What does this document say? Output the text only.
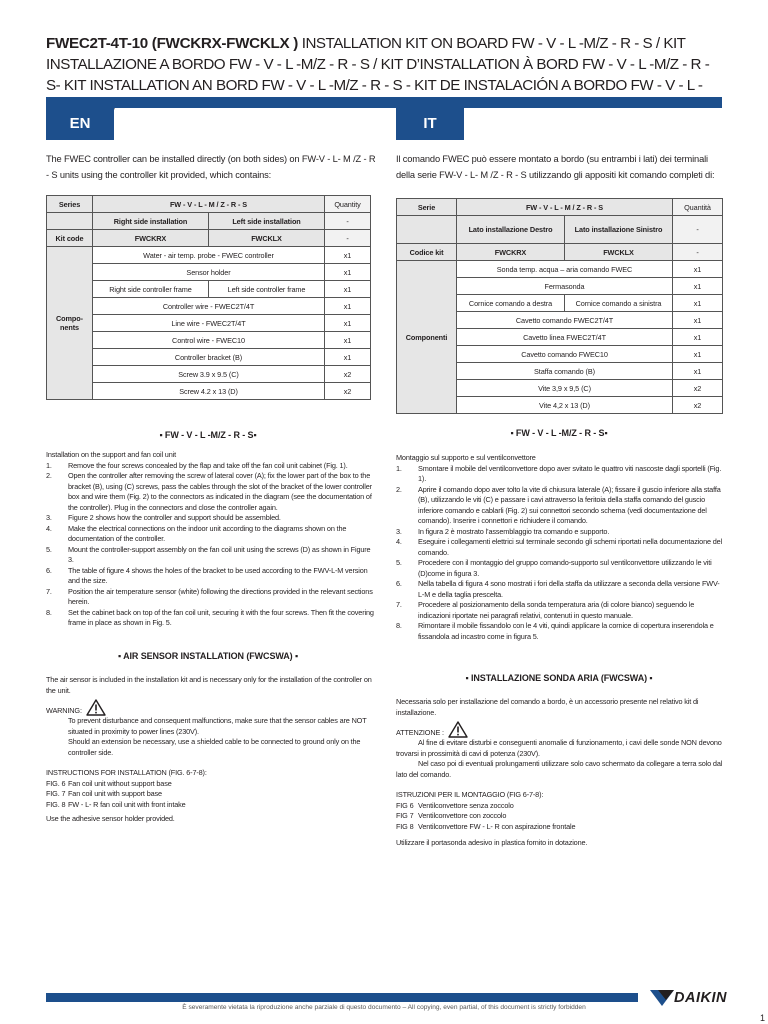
FWEC2T-4T-10 (FWCKRX-FWCKLX ) INSTALLATION KIT ON BOARD FW - V - L -M/Z - R - S / KIT INSTALLAZIONE A BORDO FW - V - L -M/Z - R - S / KIT D’INSTALLATION À BORD FW - V - L -M/Z - R - S- KIT INSTALLATION AN BORD FW - V - L -M/Z - R - S - KIT DE INSTALACIÓN A BORDO FW - V - L -
EN	IT
The FWEC controller can be installed directly (on both sides) on FW-V - L- M /Z - R - S units using the controller kit provided, which contains:
Series	FW - V - L - M / Z - R - S		Quantity
	Right side installation	Left side installation	-
Kit code	FWCKRX	FWCKLX	-
Compo-nents	Water - air temp. probe - FWEC controller		x1
	Sensor holder		x1
	Right side controller frame	Left side controller frame	x1
	Controller wire - FWEC2T/4T		x1
	Line wire - FWEC2T/4T		x1
	Control wire - FWEC10		x1
	Controller bracket (B)		x1
	Screw 3.9 x 9.5 (C)		x2
	Screw 4.2 x 13 (D)		x2
▪ FW - V - L -M/Z - R - S▪

Installation on the support and fan coil unit

1. Remove the four screws concealed by the flap and take off the fan coil unit cabinet (Fig. 1).
2. Open the controller after removing the screw of lateral cover (A); fix the lower part of the box to the bracket (B), using (C) screws, pass the cables through the slot of the bracket of the lower controller box and wire them (Fig. 2) to the connectors as indicated in the diagram (see the documentation of the controller). Plug in the connectors and close the controller again.
3. Figure 2 shows how the controller and support should be assembled.
4. Make the electrical connections on the indoor unit according to the diagrams shown on the documentation of the controller.
5. Mount the controller-support assembly on the fan coil unit using the screws (D) as shown in Figure 3.
6. The table of figure 4 shows the holes of the bracket to be used according to the FWV-L-M version and the size.
7. Position the air temperature sensor (white) following the directions provided in the relevant sections herein.
8. Set the cabinet back on top of the fan coil unit, securing it with the four screws. Then fit the covering frame in place as shown in Fig. 5.
▪ AIR SENSOR INSTALLATION (FWCSWA) ▪

The air sensor is included in the installation kit and is necessary only for the installation of the controller on the unit.

WARNING:

To prevent disturbance and consequent malfunctions, make sure that the sensor cables are NOT situated in proximity to power lines (230V).

Should an extension be necessary, use a shielded cable to be connected to ground only on the controller side.

INSTRUCTIONS FOR INSTALLATION (FIG. 6-7-8):

FIG. 6 Fan coil unit without support base
FIG. 7 Fan coil unit with support base
FIG. 8 FW - L- R fan coil unit with front intake

Use the adhesive sensor holder provided.

Il comando FWEC può essere montato a bordo (su entrambi i lati) dei terminali della serie FW-V - L- M /Z - R - S utilizzando gli appositi kit comando completi di:
Serie	FW - V - L - M / Z - R - S		Quantità
	Lato installazione Destro	Lato installazione Sinistro	-
Codice kit	FWCKRX	FWCKLX	-
Componenti	Sonda temp. acqua – aria comando FWEC		x1
	Fermasonda		x1
	Cornice comando a destra	Cornice comando a sinistra	x1
	Cavetto comando FWEC2T/4T		x1
	Cavetto linea FWEC2T/4T		x1
	Cavetto comando FWEC10		x1
	Staffa comando (B)		x1
	Vite 3,9 x 9,5 (C)		x2
	Vite 4,2 x 13 (D)		x2
▪ FW - V - L -M/Z - R - S▪

Montaggio sul supporto e sul ventilconvettore

1. Smontare il mobile del ventilconvettore dopo aver svitato le quattro viti nascoste dagli sportelli (Fig. 1).
2. Aprire il comando dopo aver tolto la vite di chiusura laterale (A); fissare il guscio inferiore alla staffa (B), utilizzando le viti (C) e passare i cavi attraverso la feritoia della staffa comando del guscio inferiore comando e cablarli (Fig. 2) sui connettori secondo schema (vedi documentazione del comando). Inserire i connettori e richiudere il comando.
3. In figura 2 è mostrato l’assemblaggio tra comando e supporto.
4. Eseguire i collegamenti elettrici sul terminale secondo gli schemi riportati nella documentazione del comando.
5. Procedere con il montaggio del gruppo comando-supporto sul ventilconvettore utilizzando le viti (D)come in figura 3.
6. Nella tabella di figura 4 sono mostrati i fori della staffa da utilizzare a seconda della versione FWV-L-M e della taglia prescelta.
7. Procedere al posizionamento della sonda temperatura aria (di colore bianco) seguendo le indicazioni riportate nei paragrafi relativi, contenuti in questo manuale.
8. Rimontare il mobile fissandolo con le 4 viti, quindi applicare la cornice di copertura inserendola e fissandola ad incastro come in figura 5.
▪ INSTALLAZIONE SONDA ARIA (FWCSWA) ▪

Necessaria solo per installazione del comando a bordo, è un accessorio presente nel relativo kit di installazione.

ATTENZIONE :

Al fine di evitare disturbi e conseguenti anomalie di funzionamento, i cavi delle sonde NON devono trovarsi in prossimità di cavi di potenza (230V).

Nel caso poi di eventuali prolungamenti utilizzare solo cavo schermato da collegare a terra solo dal lato del comando.

ISTRUZIONI PER IL MONTAGGIO (FIG 6-7-8):

FIG 6 Ventilconvettore senza zoccolo
FIG 7 Ventilconvettore con zoccolo
FIG 8 Ventilconvettore FW - L- R con aspirazione frontale

Utilizzare il portasonda adesivo in plastica fornito in dotazione.

È severamente vietata la riproduzione anche parziale di questo documento – All copying, even partial, of this document is strictly forbidden
DAIKIN
1
